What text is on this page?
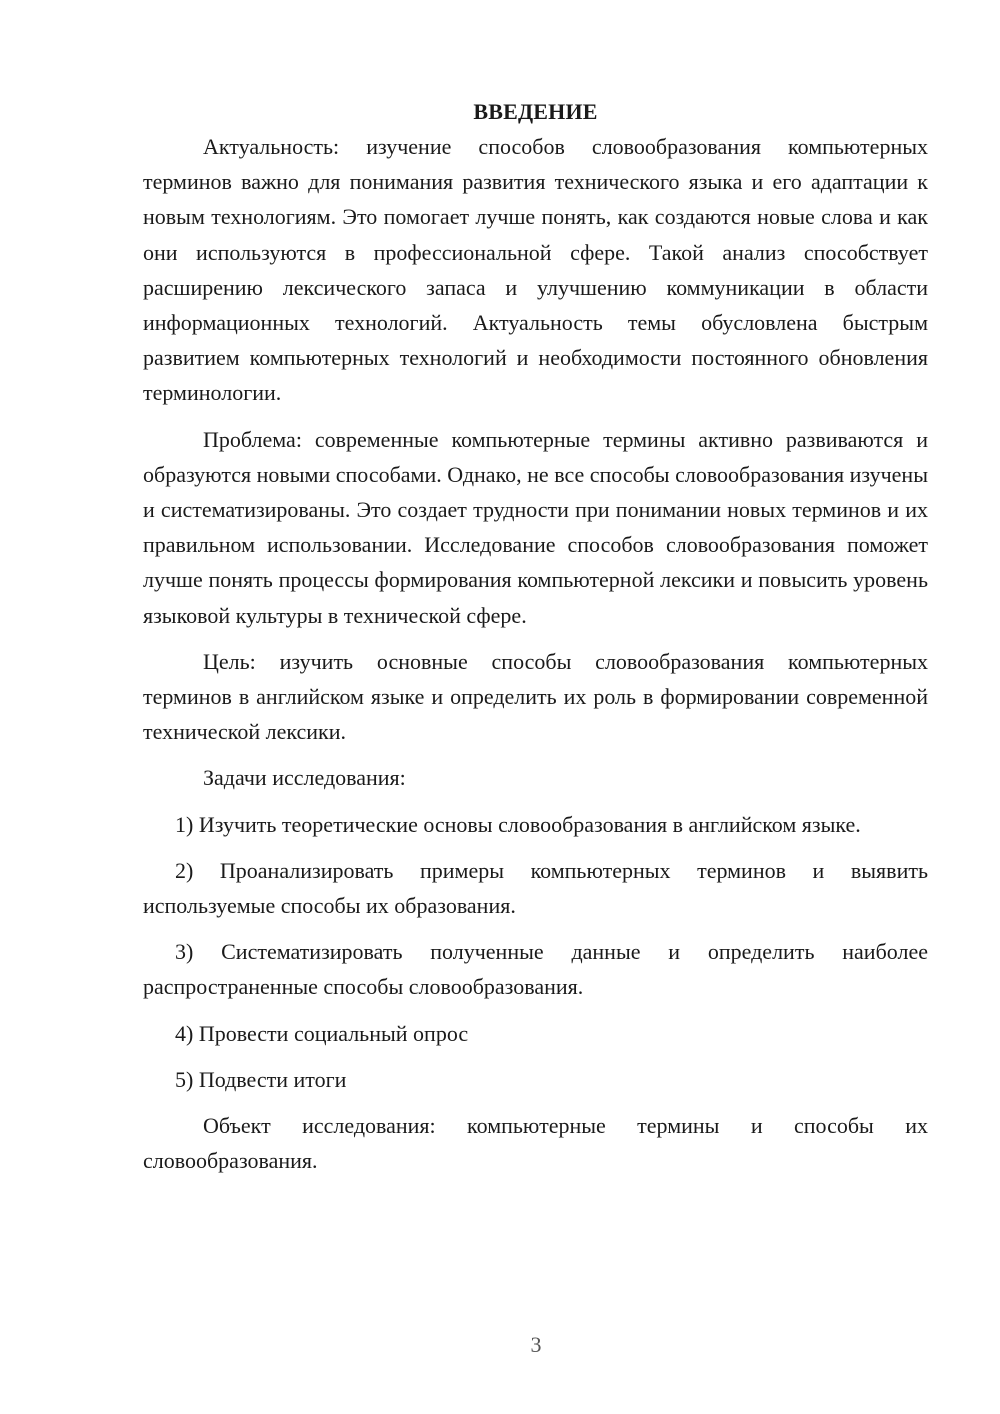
ВВЕДЕНИЕ

Актуальность: изучение способов словообразования компьютерных терминов важно для понимания развития технического языка и его адаптации к новым технологиям. Это помогает лучше понять, как создаются новые слова и как они используются в профессиональной сфере. Такой анализ способствует расширению лексического запаса и улучшению коммуникации в области информационных технологий. Актуальность темы обусловлена быстрым развитием компьютерных технологий и необходимости постоянного обновления терминологии.

Проблема: современные компьютерные термины активно развиваются и образуются новыми способами. Однако, не все способы словообразования изучены и систематизированы. Это создает трудности при понимании новых терминов и их правильном использовании. Исследование способов словообразования поможет лучше понять процессы формирования компьютерной лексики и повысить уровень языковой культуры в технической сфере.

Цель: изучить основные способы словообразования компьютерных терминов в английском языке и определить их роль в формировании современной технической лексики.

Задачи исследования:

1) Изучить теоретические основы словообразования в английском языке.

2) Проанализировать примеры компьютерных терминов и выявить используемые способы их образования.

3) Систематизировать полученные данные и определить наиболее распространенные способы словообразования.

4) Провести социальный опрос

5) Подвести итоги

Объект исследования: компьютерные термины и способы их словообразования.

3
